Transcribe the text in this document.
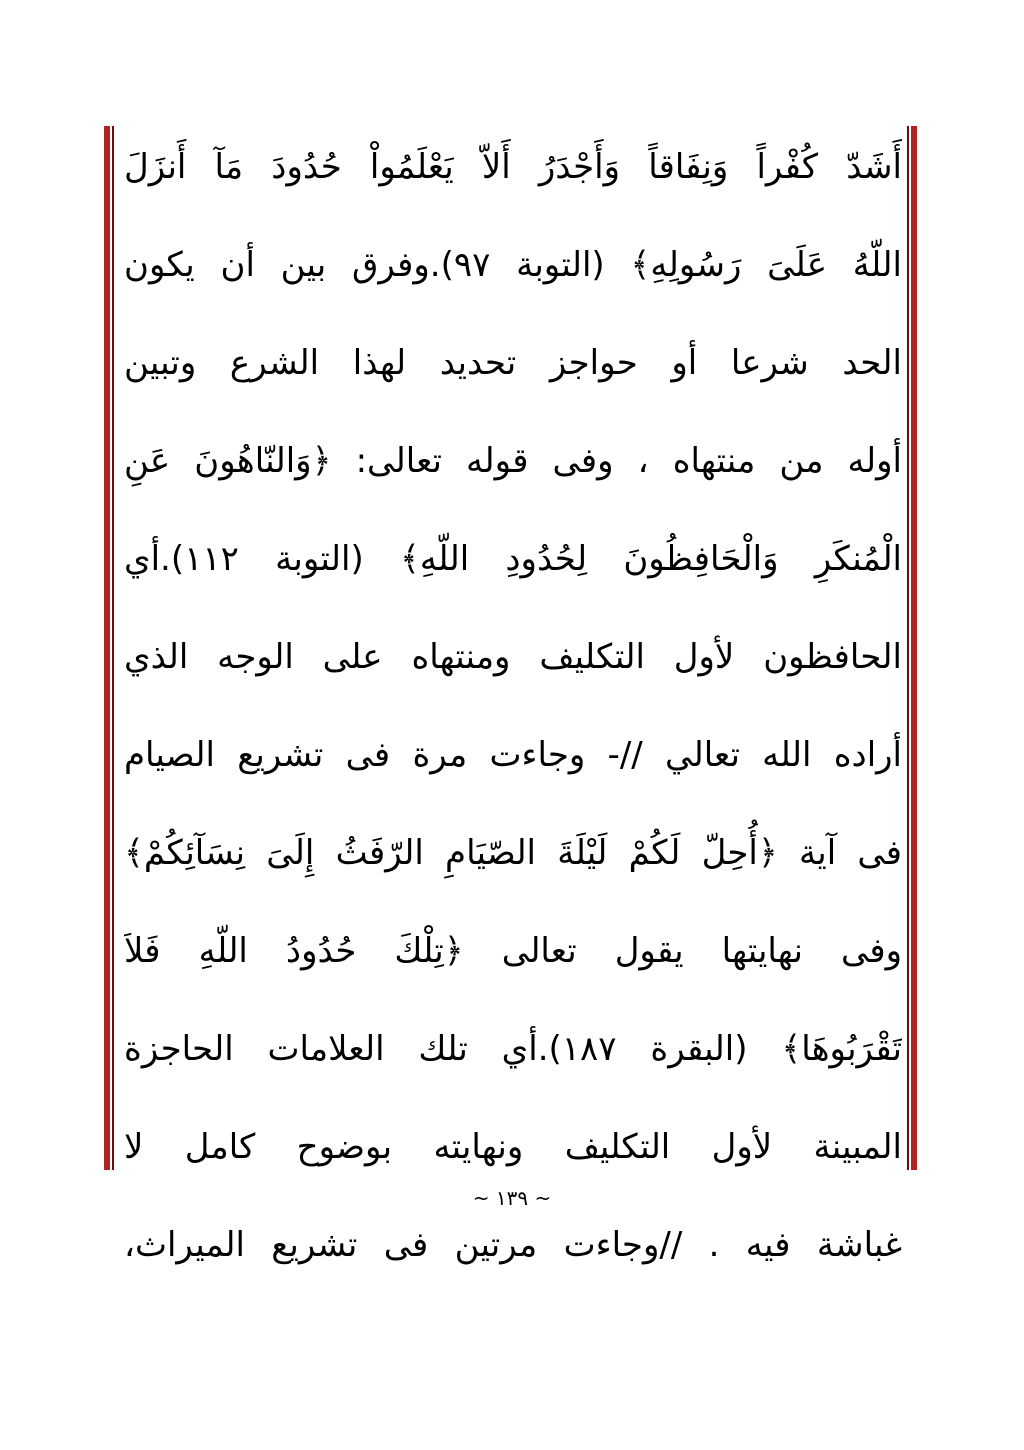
أَشَدّ كُفْراً وَنِفَاقاً وَأَجْدَرُ أَلاّ يَعْلَمُواْ حُدُودَ مَآ أَنزَلَ
اللّهُ عَلَىَ رَسُولِهِ﴾ (التوبة ٩٧).وفرق بين أن يكون
الحد شرعا أو حواجز تحديد لهذا الشرع وتبين
أوله من منتهاه ، وفى قوله تعالى: ﴿وَالنّاهُونَ عَنِ
الْمُنكَرِ وَالْحَافِظُونَ لِحُدُودِ اللّهِ﴾ (التوبة ١١٢).أي
الحافظون لأول التكليف ومنتهاه على الوجه الذي
أراده الله تعالي //- وجاءت مرة فى تشريع الصيام
فى آية ﴿أُحِلّ لَكُمْ لَيْلَةَ الصّيَامِ الرّفَثُ إِلَىَ نِسَآئِكُمْ﴾
وفى نهايتها يقول تعالى ﴿تِلْكَ حُدُودُ اللّهِ فَلاَ
تَقْرَبُوهَا﴾ (البقرة ١٨٧).أي تلك العلامات الحاجزة
المبينة لأول التكليف ونهايته بوضوح كامل لا
غباشة فيه . //وجاءت مرتين فى تشريع الميراث،
~ ١٣٩ ~
